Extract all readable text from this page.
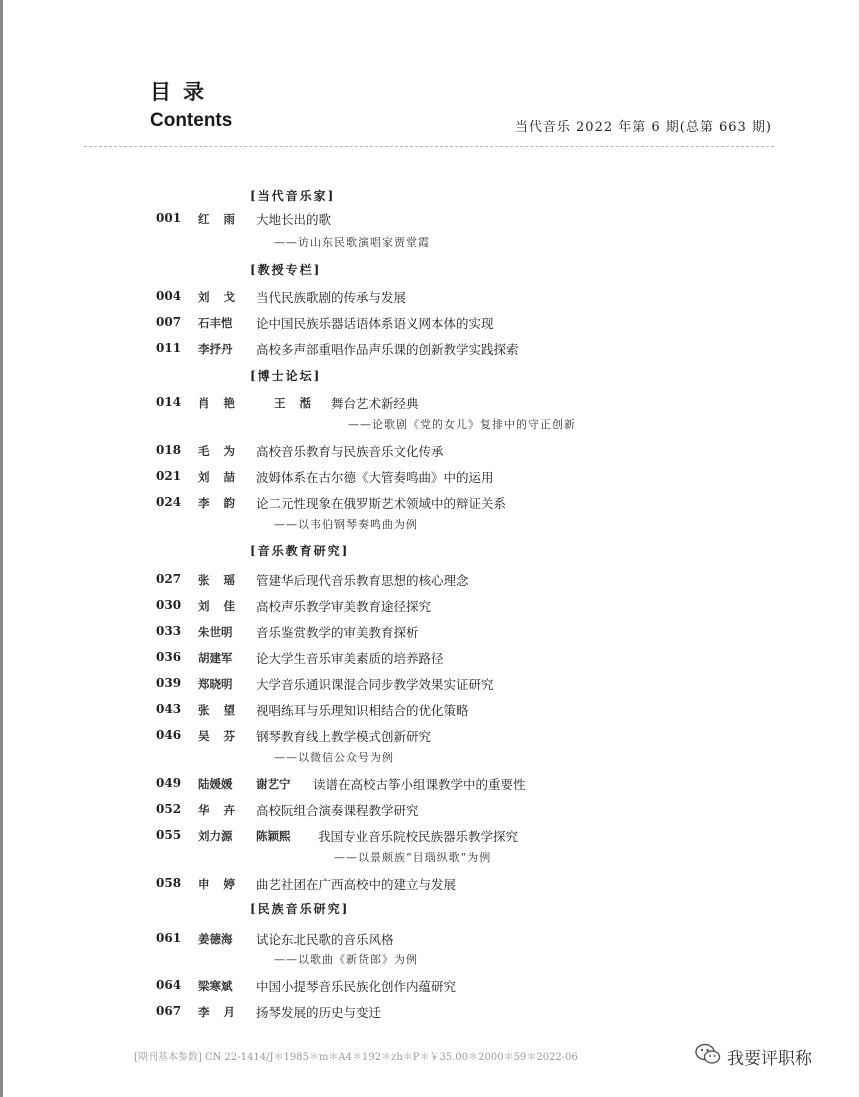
目录
Contents	当代音乐 2022 年第 6 期(总第 663 期)
[当代音乐家]
[教授专栏]
[博士论坛]
[音乐教育研究]
[民族音乐研究]
001 红雨 大地长出的歌
——访山东民歌演唱家贾堂霞
004 刘戈 当代民族歌剧的传承与发展
007 石丰恺 论中国民族乐器话语体系语义网本体的实现
011 李抒丹 高校多声部重唱作品声乐课的创新教学实践探索
014 肖艳 王湉 舞台艺术新经典
——论歌剧《党的女儿》复排中的守正创新
018 毛为 高校音乐教育与民族音乐文化传承
021 刘喆 波姆体系在古尔德《大管奏鸣曲》中的运用
024 李韵 论二元性现象在俄罗斯艺术领域中的辩证关系
——以韦伯钢琴奏鸣曲为例
027 张瑶 管建华后现代音乐教育思想的核心理念
030 刘佳 高校声乐教学审美教育途径探究
033 朱世明 音乐鉴赏教学的审美教育探析
036 胡建军 论大学生音乐审美素质的培养路径
039 郑晓明 大学音乐通识课混合同步教学效果实证研究
043 张望 视唱练耳与乐理知识相结合的优化策略
046 吴芬 钢琴教育线上教学模式创新研究
——以微信公众号为例
049 陆媛媛 谢艺宁 读谱在高校古筝小组课教学中的重要性
052 华卉 高校阮组合演奏课程教学研究
055 刘力源 陈颖熙 我国专业音乐院校民族器乐教学探究
——以景颇族“目瑙纵歌”为例
058 申婷 曲艺社团在广西高校中的建立与发展
061 姜德海 试论东北民歌的音乐风格
——以歌曲《新货郎》为例
064 梁寒斌 中国小提琴音乐民族化创作内蕴研究
067 李月 扬琴发展的历史与变迁
[期刊基本参数] CN 22-1414/J＊1985＊m＊A4＊192＊zh＊P＊￥35.00＊2000＊59＊2022-06	我要评职称
